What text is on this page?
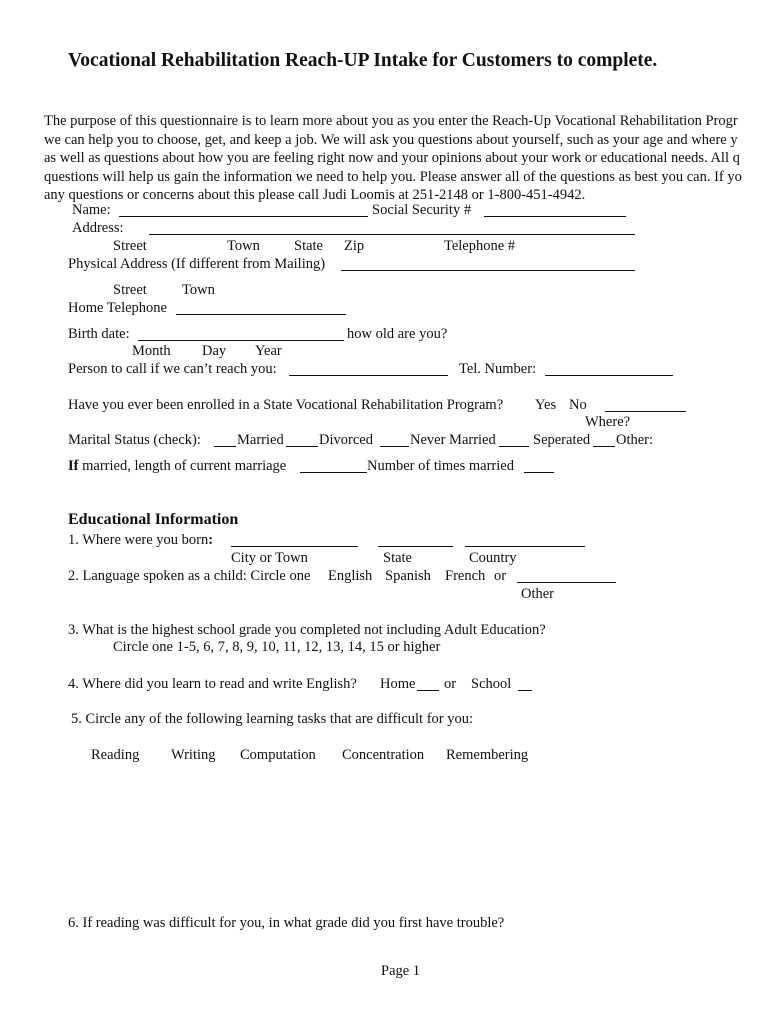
Vocational Rehabilitation Reach-UP Intake for Customers to complete.
The purpose of this questionnaire is to learn more about you as you enter the Reach-Up Vocational Rehabilitation Progr
we can help you to choose, get, and keep a job. We will ask you questions about yourself, such as your age and where y
as well as questions about how you are feeling right now and your opinions about your work or educational needs. All q
questions will help us gain the information we need to help you. Please answer all of the questions as best you can. If yo
any questions or concerns about this please call Judi Loomis at 251-2148 or 1-800-451-4942.
Name:	Social Security #
Address:
Street	Town State Zip	Telephone #
Physical Address (If different from Mailing)
Street Town
Home Telephone
Birth date:	how old are you?
Month Day Year
Person to call if we can’t reach you:	Tel. Number:
Have you ever been enrolled in a State Vocational Rehabilitation Program? Yes No
Where?
Marital Status (check): Married Divorced	Never Married	Seperated Other:
If married, length of current marriage	Number of times married
Educational Information
1. Where were you born:
City or Town	State	Country
2. Language spoken as a child: Circle one English Spanish French or
Other
3. What is the highest school grade you completed not including Adult Education?
Circle one 1-5, 6, 7, 8, 9, 10, 11, 12, 13, 14, 15 or higher
4. Where did you learn to read and write English? Home or School
5. Circle any of the following learning tasks that are difficult for you:
Reading Writing Computation Concentration Remembering
6. If reading was difficult for you, in what grade did you first have trouble?
Page 1
